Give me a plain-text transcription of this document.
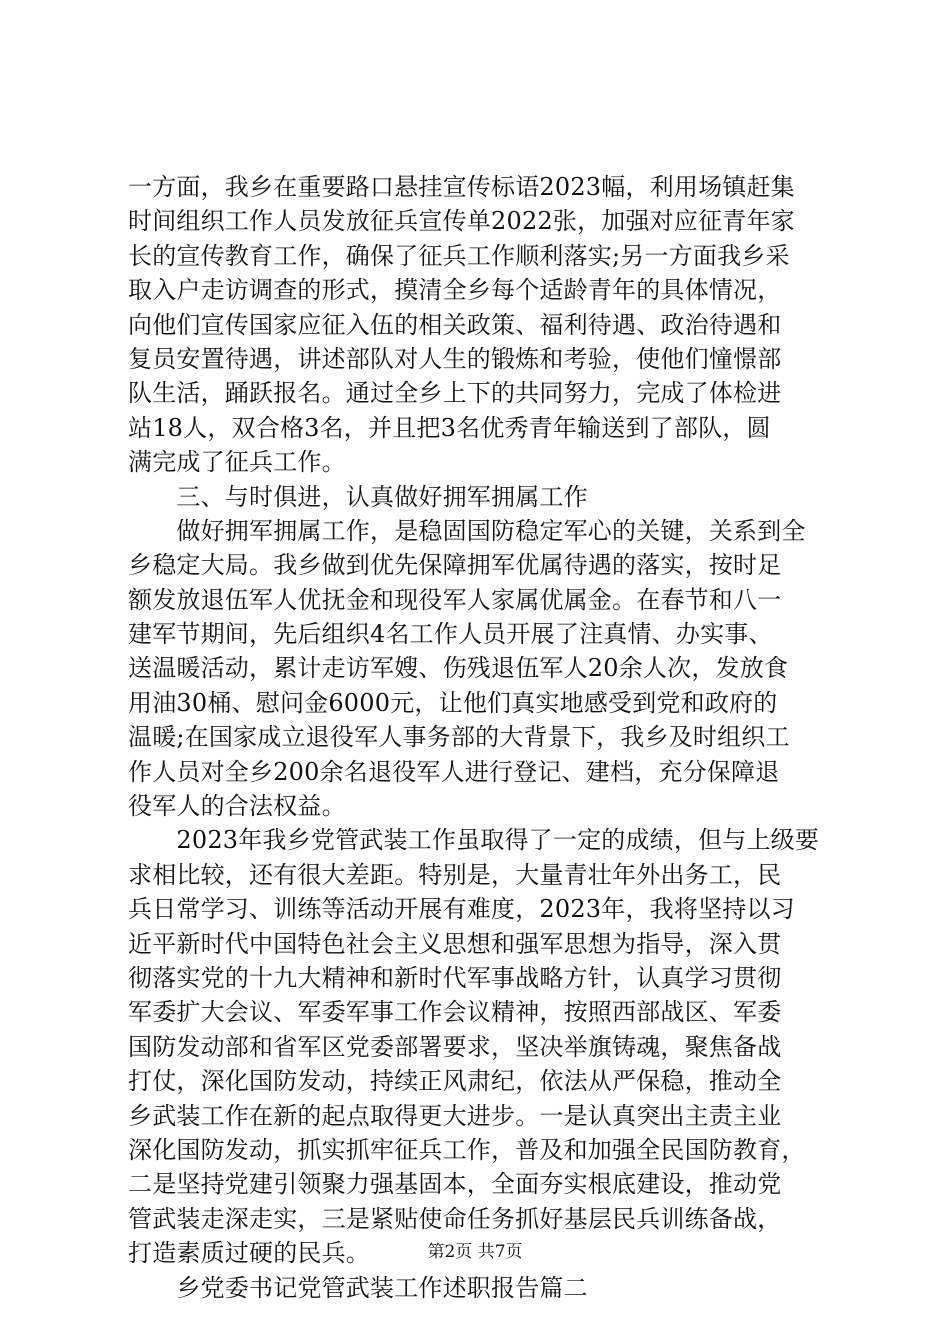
一方面，我乡在重要路口悬挂宣传标语2023幅，利用场镇赶集
时间组织工作人员发放征兵宣传单2022张，加强对应征青年家
长的宣传教育工作，确保了征兵工作顺利落实;另一方面我乡采
取入户走访调查的形式，摸清全乡每个适龄青年的具体情况，
向他们宣传国家应征入伍的相关政策、福利待遇、政治待遇和
复员安置待遇，讲述部队对人生的锻炼和考验，使他们憧憬部
队生活，踊跃报名。通过全乡上下的共同努力，完成了体检进
站18人，双合格3名，并且把3名优秀青年输送到了部队，圆
满完成了征兵工作。
　　三、与时俱进，认真做好拥军拥属工作
　　做好拥军拥属工作，是稳固国防稳定军心的关键，关系到全
乡稳定大局。我乡做到优先保障拥军优属待遇的落实，按时足
额发放退伍军人优抚金和现役军人家属优属金。在春节和八一
建军节期间，先后组织4名工作人员开展了注真情、办实事、
送温暖活动，累计走访军嫂、伤残退伍军人20余人次，发放食
用油30桶、慰问金6000元，让他们真实地感受到党和政府的
温暖;在国家成立退役军人事务部的大背景下，我乡及时组织工
作人员对全乡200余名退役军人进行登记、建档，充分保障退
役军人的合法权益。
　　2023年我乡党管武装工作虽取得了一定的成绩，但与上级要
求相比较，还有很大差距。特别是，大量青壮年外出务工，民
兵日常学习、训练等活动开展有难度，2023年，我将坚持以习
近平新时代中国特色社会主义思想和强军思想为指导，深入贯
彻落实党的十九大精神和新时代军事战略方针，认真学习贯彻
军委扩大会议、军委军事工作会议精神，按照西部战区、军委
国防发动部和省军区党委部署要求，坚决举旗铸魂，聚焦备战
打仗，深化国防发动，持续正风肃纪，依法从严保稳，推动全
乡武装工作在新的起点取得更大进步。一是认真突出主责主业
深化国防发动，抓实抓牢征兵工作，普及和加强全民国防教育，
二是坚持党建引领聚力强基固本，全面夯实根底建设，推动党
管武装走深走实，三是紧贴使命任务抓好基层民兵训练备战，
打造素质过硬的民兵。
　　乡党委书记党管武装工作述职报告篇二
第2页 共7页
